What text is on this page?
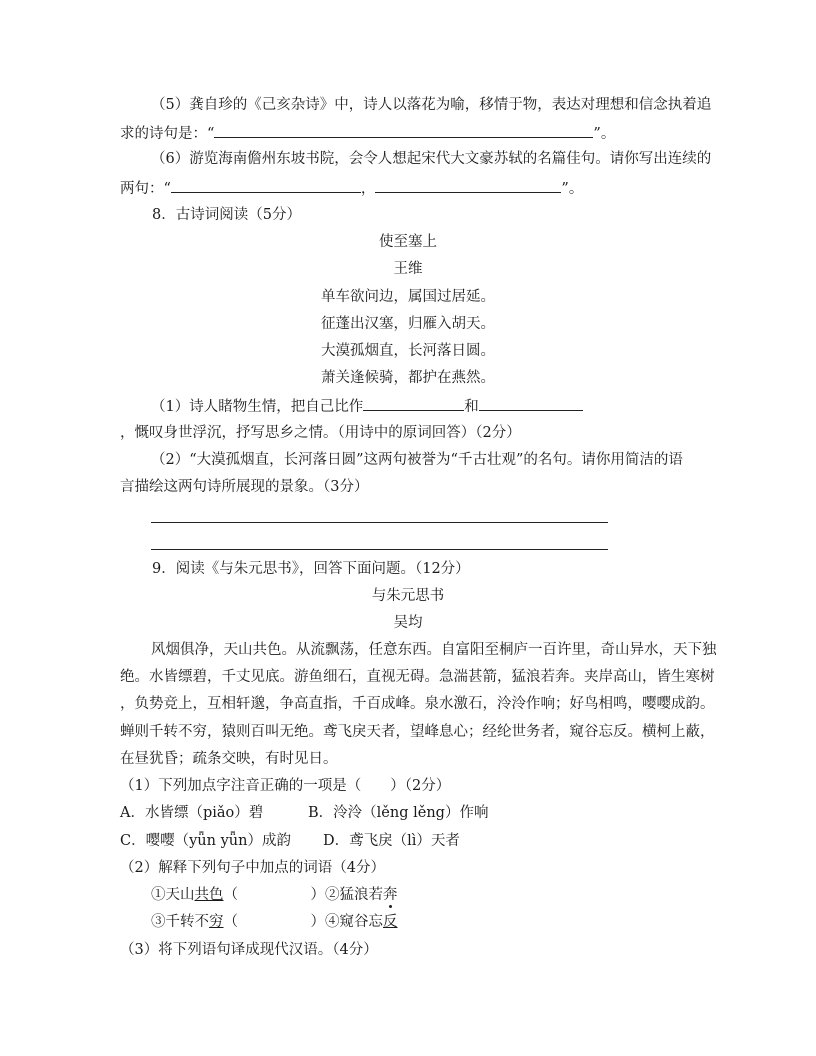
（5）龚自珍的《己亥杂诗》中，诗人以落花为喻，移情于物，表达对理想和信念执着追
求的诗句是：“	”。
（6）游览海南儋州东坡书院，会令人想起宋代大文豪苏轼的名篇佳句。请你写出连续的
两句：“	，	”。
8．古诗词阅读（5分）
使至塞上
王维
单车欲问边，属国过居延。
征蓬出汉塞，归雁入胡天。
大漠孤烟直，长河落日圆。
萧关逢候骑，都护在燕然。
（1）诗人睹物生情，把自己比作	和
，慨叹身世浮沉，抒写思乡之情。（用诗中的原词回答）（2分）
（2）“大漠孤烟直，长河落日圆”这两句被誉为“千古壮观”的名句。请你用简洁的语
言描绘这两句诗所展现的景象。（3分）
9．阅读《与朱元思书》，回答下面问题。（12分）
与朱元思书
吴均
风烟俱净，天山共色。从流飘荡，任意东西。自富阳至桐庐一百许里，奇山异水，天下独
绝。水皆缥碧，千丈见底。游鱼细石，直视无碍。急湍甚箭，猛浪若奔。夹岸高山，皆生寒树
，负势竞上，互相轩邈，争高直指，千百成峰。泉水激石，泠泠作响；好鸟相鸣，嘤嘤成韵。
蝉则千转不穷，猿则百叫无绝。鸢飞戾天者，望峰息心；经纶世务者，窥谷忘反。横柯上蔽，
在昼犹昏；疏条交映，有时见日。
（1）下列加点字注音正确的一项是（　　）（2分）
A．水皆缥（piǎo）碧	B．泠泠（lěng lěng）作响
C．嘤嘤（yǖn yǖn）成韵 D．鸢飞戾（lì）天者
（2）解释下列句子中加点的词语（4分）
①天山共色（　　　　　）②猛浪若奔
③千转不穷（　　　　　）④窥谷忘反
（3）将下列语句译成现代汉语。（4分）
